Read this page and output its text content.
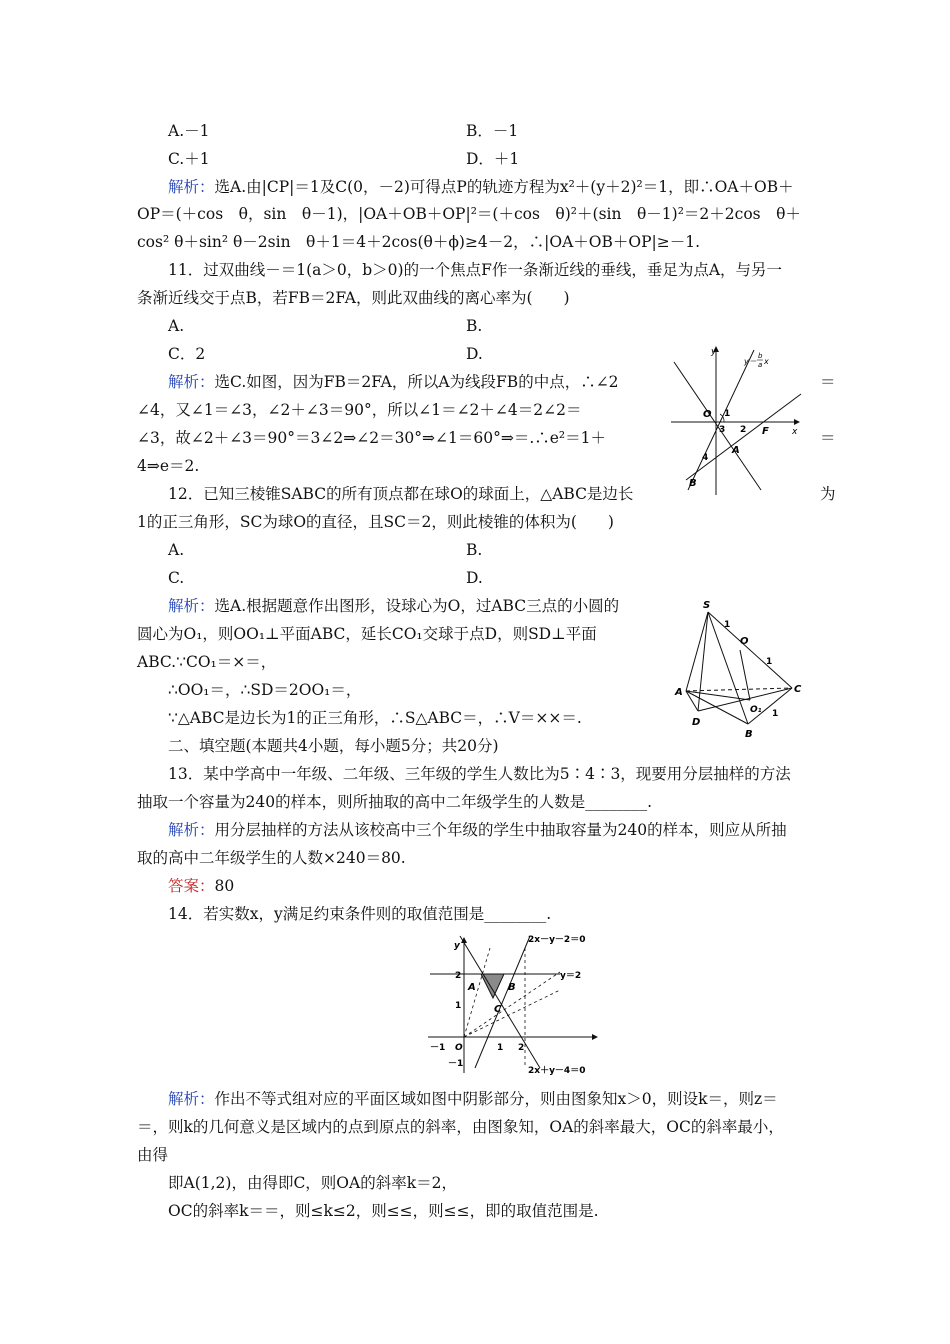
A.－1	B．－1
C.＋1	D．＋1
解析：选A.由|CP|＝1及C(0，－2)可得点P的轨迹方程为x²＋(y＋2)²＝1，即∴OA＋OB＋
OP＝(＋cos　θ，sin　θ－1)，|OA＋OB＋OP|²＝(＋cos　θ)²＋(sin　θ－1)²＝2＋2cos　θ＋
cos² θ＋sin² θ－2sin　θ＋1＝4＋2cos(θ＋ϕ)≥4－2，∴|OA＋OB＋OP|≥－1.
11．过双曲线－＝1(a＞0，b＞0)的一个焦点F作一条渐近线的垂线，垂足为点A，与另一
条渐近线交于点B，若FB＝2FA，则此双曲线的离心率为(　　)
A.	B.
C．2	D.
解析：选C.如图，因为FB＝2FA，所以A为线段FB的中点，∴∠2	＝
∠4，又∠1＝∠3，∠2＋∠3＝90°，所以∠1＝∠2＋∠4＝2∠2＝
∠3，故∠2＋∠3＝90°＝3∠2⇒∠2＝30°⇒∠1＝60°⇒＝.∴e²＝1＋	＝
4⇒e＝2.
y
y＝
b
a x
x
O 1
3 2 F
A
4
B
12．已知三棱锥SABC的所有顶点都在球O的球面上，△ABC是边长	为
1的正三角形，SC为球O的直径，且SC＝2，则此棱锥的体积为(　　)
A.	B.
C.	D.
解析：选A.根据题意作出图形，设球心为O，过ABC三点的小圆的
圆心为O₁，则OO₁⊥平面ABC，延长CO₁交球于点D，则SD⊥平面
ABC.∵CO₁＝×＝，
∴OO₁＝，∴SD＝2OO₁＝，
∵△ABC是边长为1的正三角形，∴S△ABC＝，∴V＝××＝.
S
O
1
1
A	C
O₁ 1
D
B
二、填空题(本题共4小题，每小题5分；共20分)
13．某中学高中一年级、二年级、三年级的学生人数比为5∶4∶3，现要用分层抽样的方法
抽取一个容量为240的样本，则所抽取的高中二年级学生的人数是________.
解析：用分层抽样的方法从该校高中三个年级的学生中抽取容量为240的样本，则应从所抽
取的高中二年级学生的人数×240＝80.
答案：80
14．若实数x，y满足约束条件则的取值范围是________.
2x－y－2＝0
y＝2
2x＋y－4＝0
y
2
1
O
－1	1 2
－1
A	B
C
解析：作出不等式组对应的平面区域如图中阴影部分，则由图象知x＞0，则设k＝，则z＝
＝，则k的几何意义是区域内的点到原点的斜率，由图象知，OA的斜率最大，OC的斜率最小，
由得
即A(1,2)，由得即C，则OA的斜率k＝2，
OC的斜率k＝＝，则≤k≤2，则≤≤，则≤≤，即的取值范围是.
